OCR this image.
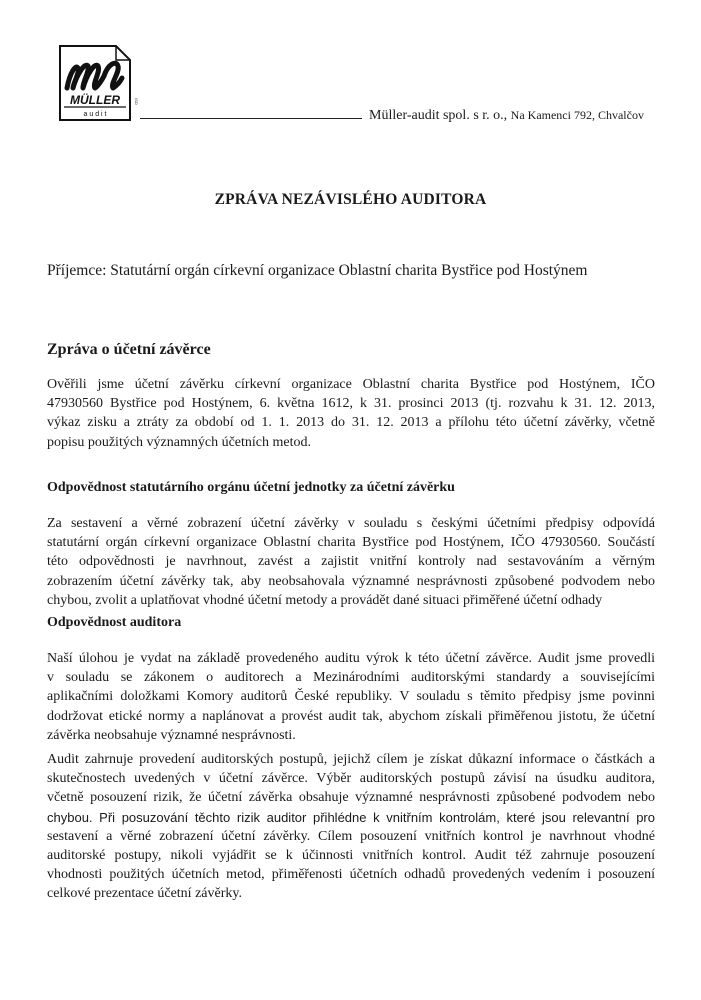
MÜLLER
a u d i t
ISO
Müller-audit spol. s r. o., Na Kamenci 792, Chvalčov
ZPRÁVA NEZÁVISLÉHO AUDITORA
Příjemce: Statutární orgán církevní organizace Oblastní charita Bystřice pod Hostýnem
Zpráva o účetní závěrce
Ověřili jsme účetní závěrku církevní organizace Oblastní charita Bystřice pod Hostýnem, IČO
47930560 Bystřice pod Hostýnem, 6. května 1612, k 31. prosinci 2013 (tj. rozvahu k 31. 12. 2013,
výkaz zisku a ztráty za období od 1. 1. 2013 do 31. 12. 2013 a přílohu této účetní závěrky, včetně
popisu použitých významných účetních metod.
Odpovědnost statutárního orgánu účetní jednotky za účetní závěrku
Za sestavení a věrné zobrazení účetní závěrky v souladu s českými účetními předpisy odpovídá
statutární orgán církevní organizace Oblastní charita Bystřice pod Hostýnem, IČO 47930560. Součástí
této odpovědnosti je navrhnout, zavést a zajistit vnitřní kontroly nad sestavováním a věrným
zobrazením účetní závěrky tak, aby neobsahovala významné nesprávnosti způsobené podvodem nebo
chybou, zvolit a uplatňovat vhodné účetní metody a provádět dané situaci přiměřené účetní odhady
Odpovědnost auditora
Naší úlohou je vydat na základě provedeného auditu výrok k této účetní závěrce. Audit jsme provedli
v souladu se zákonem o auditorech a Mezinárodními auditorskými standardy a souvisejícími
aplikačními doložkami Komory auditorů České republiky. V souladu s těmito předpisy jsme povinni
dodržovat etické normy a naplánovat a provést audit tak, abychom získali přiměřenou jistotu, že účetní
závěrka neobsahuje významné nesprávnosti.
Audit zahrnuje provedení auditorských postupů, jejichž cílem je získat důkazní informace o částkách a
skutečnostech uvedených v účetní závěrce. Výběr auditorských postupů závisí na úsudku auditora,
včetně posouzení rizik, že účetní závěrka obsahuje významné nesprávnosti způsobené podvodem nebo
chybou. Při posuzování těchto rizik auditor přihlédne k vnitřním kontrolám, které jsou relevantní pro
sestavení a věrné zobrazení účetní závěrky. Cílem posouzení vnitřních kontrol je navrhnout vhodné
auditorské postupy, nikoli vyjádřit se k účinnosti vnitřních kontrol. Audit též zahrnuje posouzení
vhodnosti použitých účetních metod, přiměřenosti účetních odhadů provedených vedením i posouzení
celkové prezentace účetní závěrky.
